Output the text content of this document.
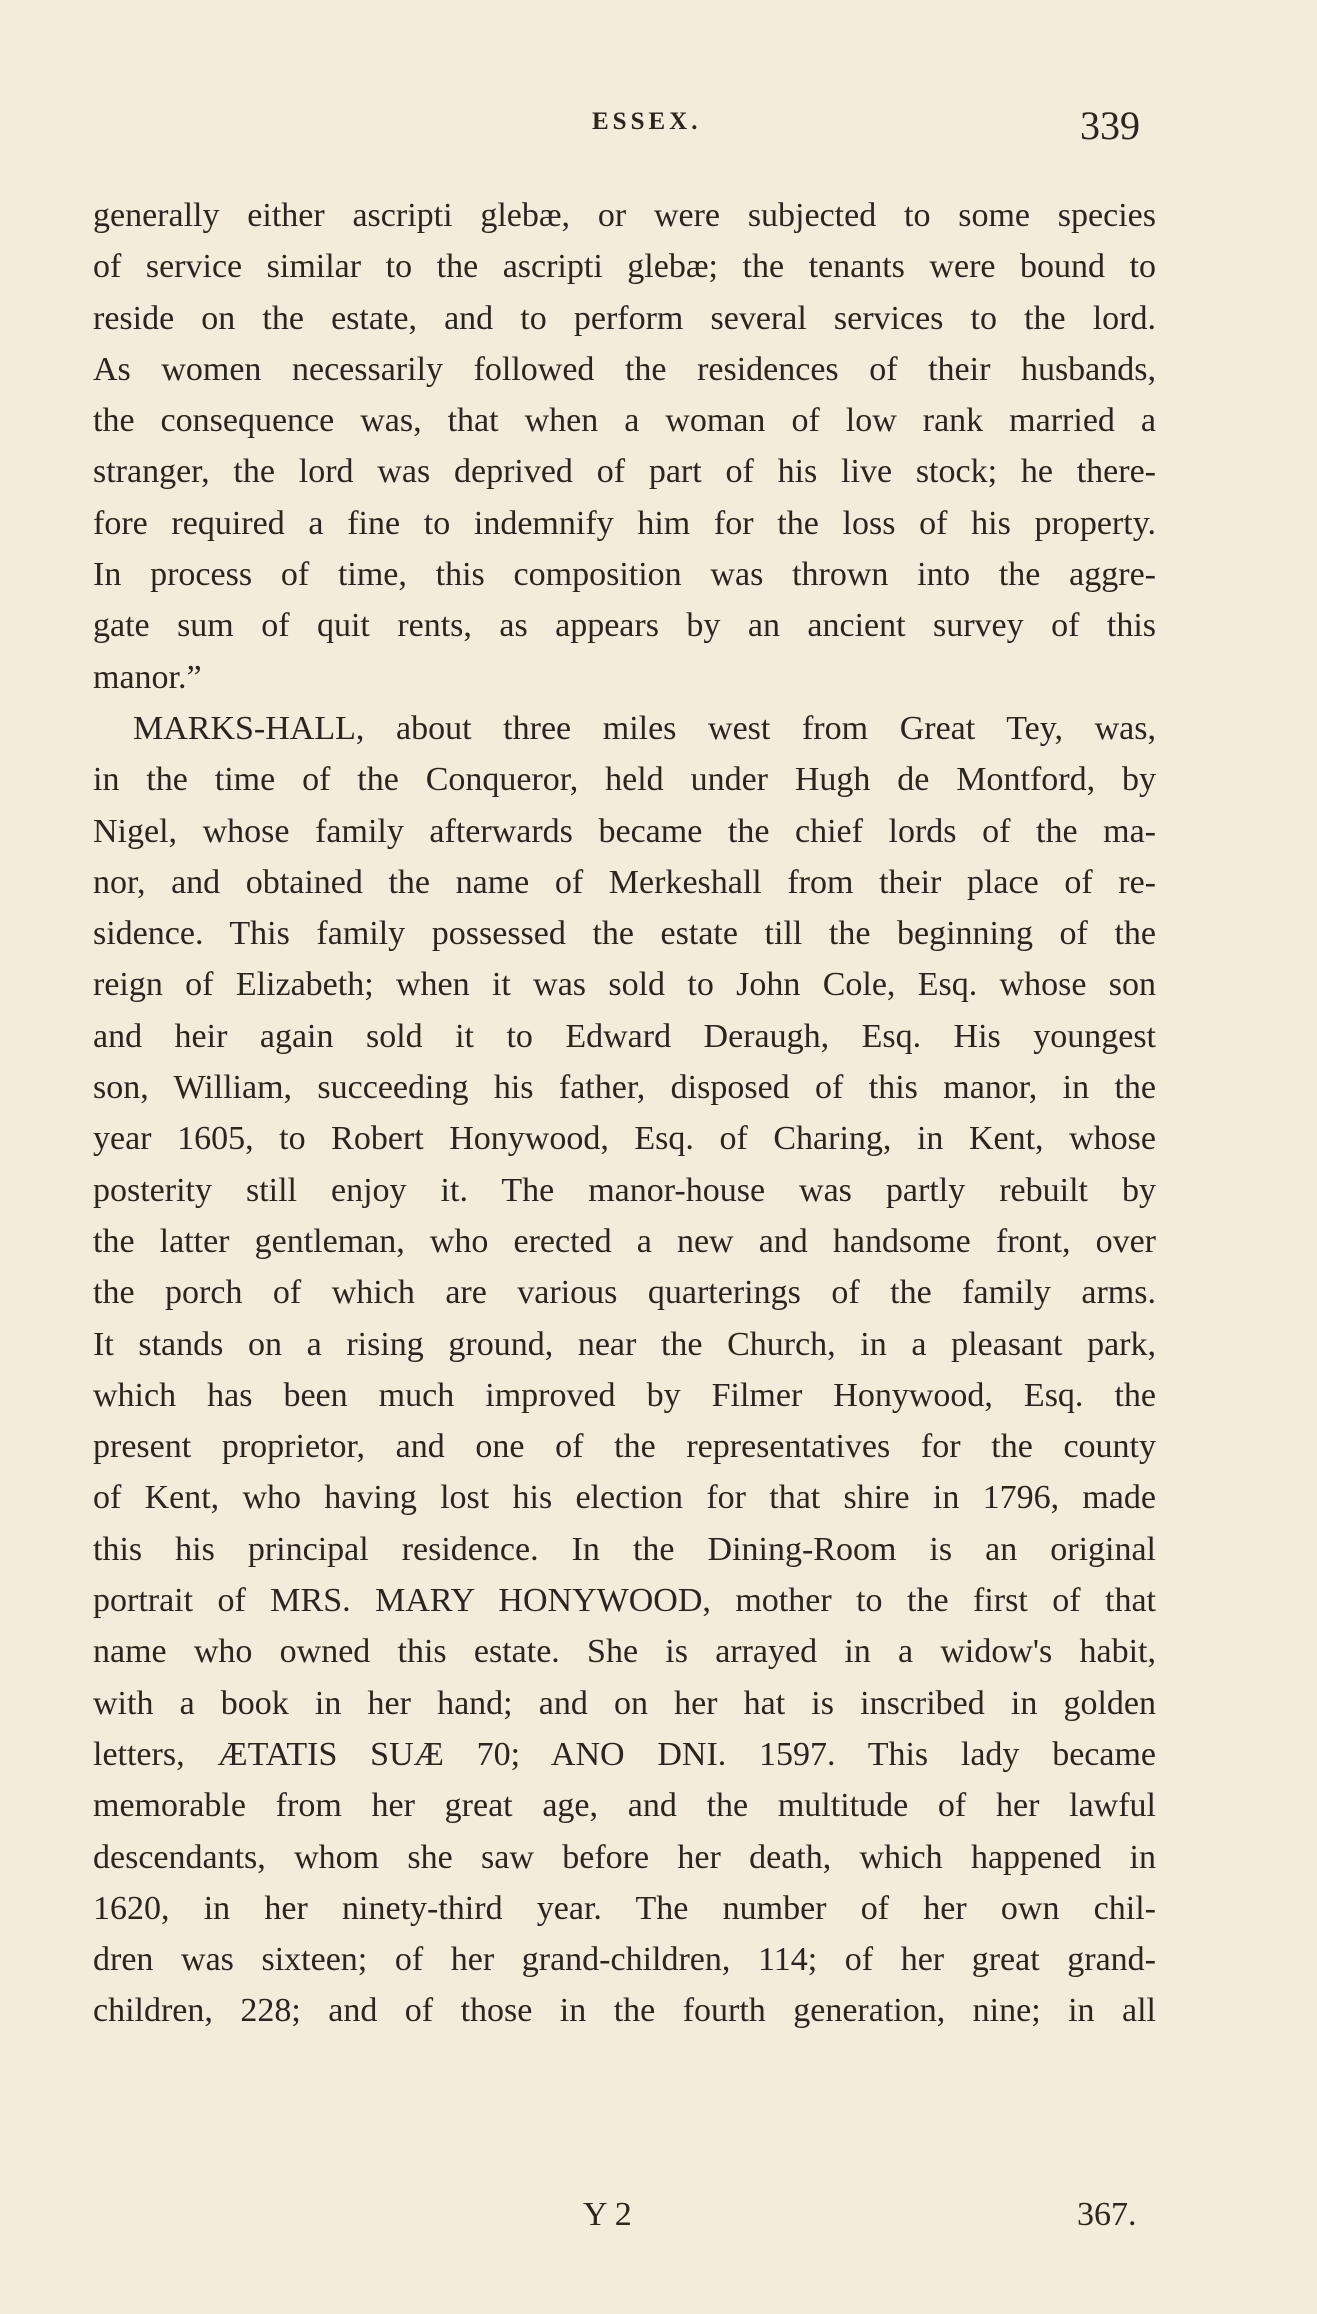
ESSEX.	339
generally either ascripti glebæ, or were subjected to some species
of service similar to the ascripti glebæ; the tenants were bound to
reside on the estate, and to perform several services to the lord.
As women necessarily followed the residences of their husbands,
the consequence was, that when a woman of low rank married a
stranger, the lord was deprived of part of his live stock; he there-
fore required a fine to indemnify him for the loss of his property.
In process of time, this composition was thrown into the aggre-
gate sum of quit rents, as appears by an ancient survey of this
manor.”
MARKS-HALL, about three miles west from Great Tey, was,
in the time of the Conqueror, held under Hugh de Montford, by
Nigel, whose family afterwards became the chief lords of the ma-
nor, and obtained the name of Merkeshall from their place of re-
sidence. This family possessed the estate till the beginning of the
reign of Elizabeth; when it was sold to John Cole, Esq. whose son
and heir again sold it to Edward Deraugh, Esq. His youngest
son, William, succeeding his father, disposed of this manor, in the
year 1605, to Robert Honywood, Esq. of Charing, in Kent, whose
posterity still enjoy it. The manor-house was partly rebuilt by
the latter gentleman, who erected a new and handsome front, over
the porch of which are various quarterings of the family arms.
It stands on a rising ground, near the Church, in a pleasant park,
which has been much improved by Filmer Honywood, Esq. the
present proprietor, and one of the representatives for the county
of Kent, who having lost his election for that shire in 1796, made
this his principal residence. In the Dining-Room is an original
portrait of MRS. MARY HONYWOOD, mother to the first of that
name who owned this estate. She is arrayed in a widow's habit,
with a book in her hand; and on her hat is inscribed in golden
letters, ÆTATIS SUÆ 70; ANO DNI. 1597. This lady became
memorable from her great age, and the multitude of her lawful
descendants, whom she saw before her death, which happened in
1620, in her ninety-third year. The number of her own chil-
dren was sixteen; of her grand-children, 114; of her great grand-
children, 228; and of those in the fourth generation, nine; in all
Y 2	367.
